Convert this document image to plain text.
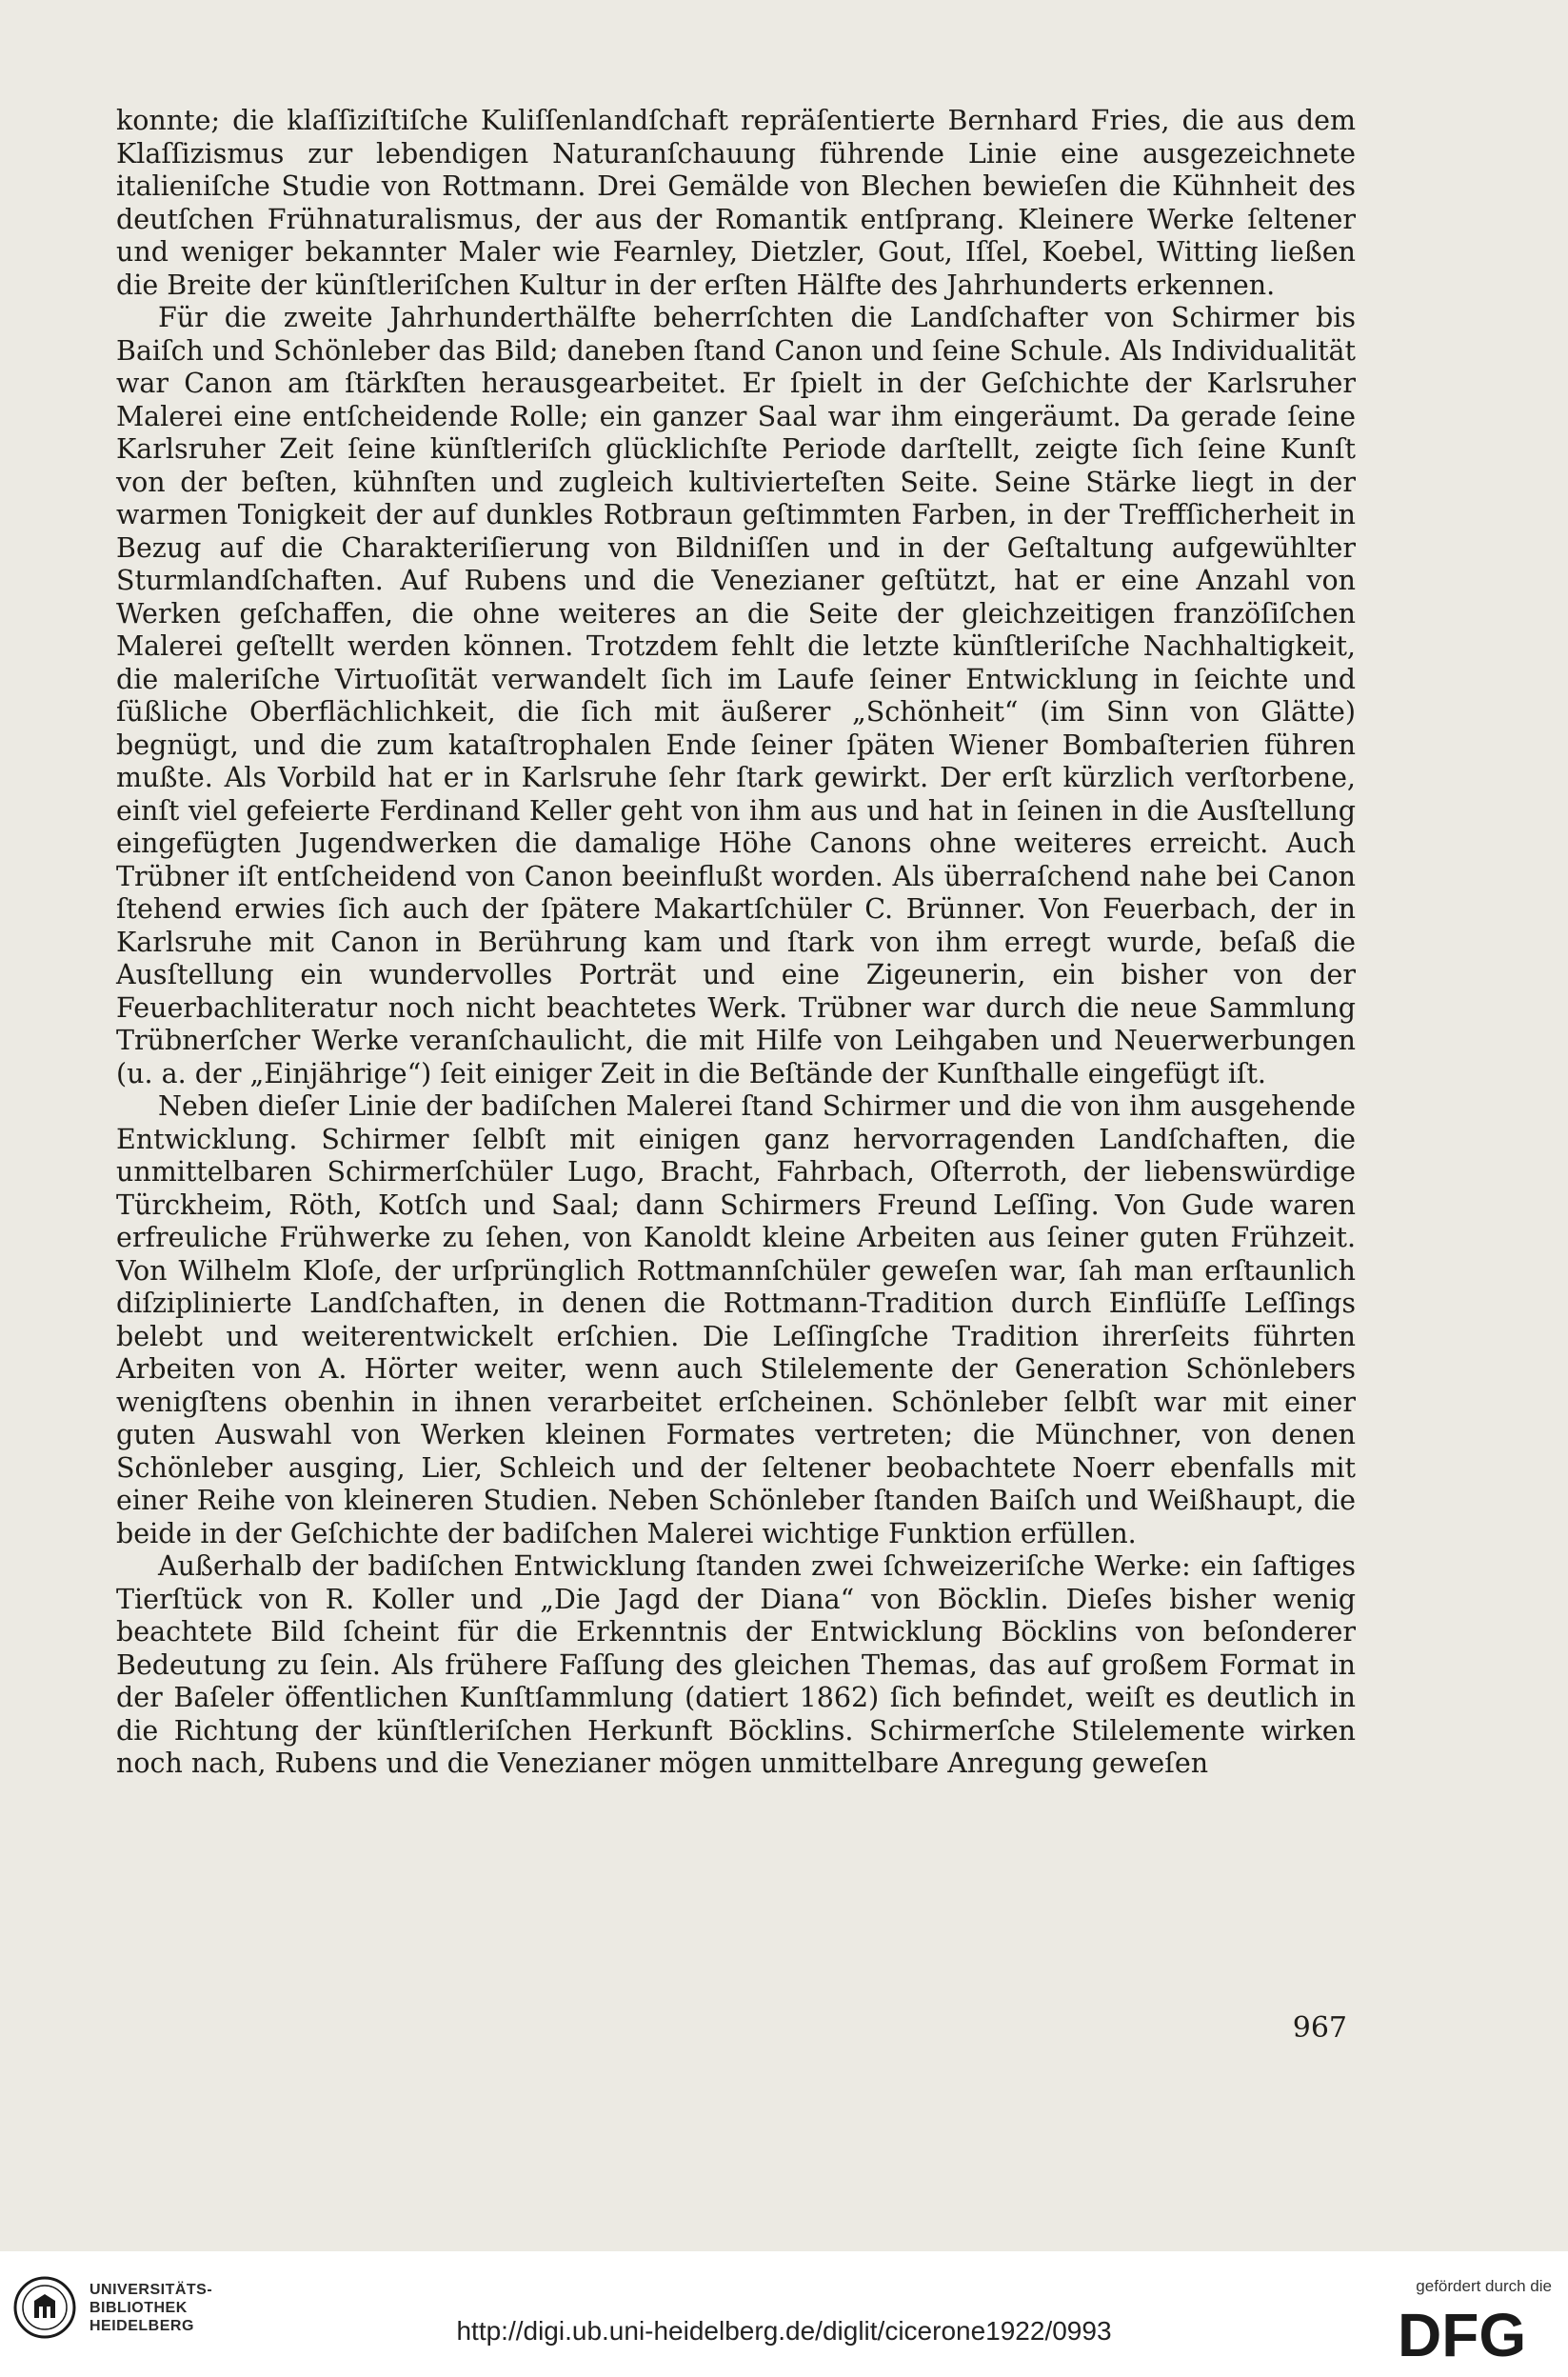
konnte; die klaſſiziſtiſche Kuliſſenlandſchaft repräſentierte Bernhard Fries, die aus dem Klaſſizismus zur lebendigen Naturanſchauung führende Linie eine ausgezeichnete italieniſche Studie von Rottmann. Drei Gemälde von Blechen bewieſen die Kühnheit des deutſchen Frühnaturalismus, der aus der Romantik entſprang. Kleinere Werke ſeltener und weniger bekannter Maler wie Fearnley, Dietzler, Gout, Iſſel, Koebel, Witting ließen die Breite der künſtleriſchen Kultur in der erſten Hälfte des Jahrhunderts erkennen.

Für die zweite Jahrhunderthälfte beherrſchten die Landſchafter von Schirmer bis Baiſch und Schönleber das Bild; daneben ſtand Canon und ſeine Schule. Als Individualität war Canon am ſtärkſten herausgearbeitet. Er ſpielt in der Geſchichte der Karlsruher Malerei eine entſcheidende Rolle; ein ganzer Saal war ihm eingeräumt. Da gerade ſeine Karlsruher Zeit ſeine künſtleriſch glücklichſte Periode darſtellt, zeigte ſich ſeine Kunſt von der beſten, kühnſten und zugleich kultivierteſten Seite. Seine Stärke liegt in der warmen Tonigkeit der auf dunkles Rotbraun geſtimmten Farben, in der Treffſicherheit in Bezug auf die Charakteriſierung von Bildniſſen und in der Geſtaltung aufgewühlter Sturmlandſchaften. Auf Rubens und die Venezianer geſtützt, hat er eine Anzahl von Werken geſchaffen, die ohne weiteres an die Seite der gleichzeitigen franzöſiſchen Malerei geſtellt werden können. Trotzdem fehlt die letzte künſtleriſche Nachhaltigkeit, die maleriſche Virtuoſität verwandelt ſich im Laufe ſeiner Entwicklung in ſeichte und ſüßliche Oberflächlichkeit, die ſich mit äußerer „Schönheit“ (im Sinn von Glätte) begnügt, und die zum kataſtrophalen Ende ſeiner ſpäten Wiener Bombaſterien führen mußte. Als Vorbild hat er in Karlsruhe ſehr ſtark gewirkt. Der erſt kürzlich verſtorbene, einſt viel gefeierte Ferdinand Keller geht von ihm aus und hat in ſeinen in die Ausſtellung eingefügten Jugendwerken die damalige Höhe Canons ohne weiteres erreicht. Auch Trübner iſt entſcheidend von Canon beeinflußt worden. Als überraſchend nahe bei Canon ſtehend erwies ſich auch der ſpätere Makartſchüler C. Brünner. Von Feuerbach, der in Karlsruhe mit Canon in Berührung kam und ſtark von ihm erregt wurde, beſaß die Ausſtellung ein wundervolles Porträt und eine Zigeunerin, ein bisher von der Feuerbachliteratur noch nicht beachtetes Werk. Trübner war durch die neue Sammlung Trübnerſcher Werke veranſchaulicht, die mit Hilfe von Leihgaben und Neuerwerbungen (u. a. der „Einjährige“) ſeit einiger Zeit in die Beſtände der Kunſthalle eingefügt iſt.

Neben dieſer Linie der badiſchen Malerei ſtand Schirmer und die von ihm ausgehende Entwicklung. Schirmer ſelbſt mit einigen ganz hervorragenden Landſchaften, die unmittelbaren Schirmerſchüler Lugo, Bracht, Fahrbach, Oſterroth, der liebenswürdige Türckheim, Röth, Kotſch und Saal; dann Schirmers Freund Leſſing. Von Gude waren erfreuliche Frühwerke zu ſehen, von Kanoldt kleine Arbeiten aus ſeiner guten Frühzeit. Von Wilhelm Kloſe, der urſprünglich Rottmannſchüler geweſen war, ſah man erſtaunlich diſziplinierte Landſchaften, in denen die Rottmann-Tradition durch Einflüſſe Leſſings belebt und weiterentwickelt erſchien. Die Leſſingſche Tradition ihrerſeits führten Arbeiten von A. Hörter weiter, wenn auch Stilelemente der Generation Schönlebers wenigſtens obenhin in ihnen verarbeitet erſcheinen. Schönleber ſelbſt war mit einer guten Auswahl von Werken kleinen Formates vertreten; die Münchner, von denen Schönleber ausging, Lier, Schleich und der ſeltener beobachtete Noerr ebenfalls mit einer Reihe von kleineren Studien. Neben Schönleber ſtanden Baiſch und Weißhaupt, die beide in der Geſchichte der badiſchen Malerei wichtige Funktion erfüllen.

Außerhalb der badiſchen Entwicklung ſtanden zwei ſchweizeriſche Werke: ein ſaftiges Tierſtück von R. Koller und „Die Jagd der Diana“ von Böcklin. Dieſes bisher wenig beachtete Bild ſcheint für die Erkenntnis der Entwicklung Böcklins von beſonderer Bedeutung zu ſein. Als frühere Faſſung des gleichen Themas, das auf großem Format in der Baſeler öffentlichen Kunſtſammlung (datiert 1862) ſich befindet, weiſt es deutlich in die Richtung der künſtleriſchen Herkunft Böcklins. Schirmerſche Stilelemente wirken noch nach, Rubens und die Venezianer mögen unmittelbare Anregung geweſen

967
UNIVERSITÄTS-
BIBLIOTHEK
HEIDELBERG	http://digi.ub.uni-heidelberg.de/diglit/cicerone1922/0993
gefördert durch die
DFG
